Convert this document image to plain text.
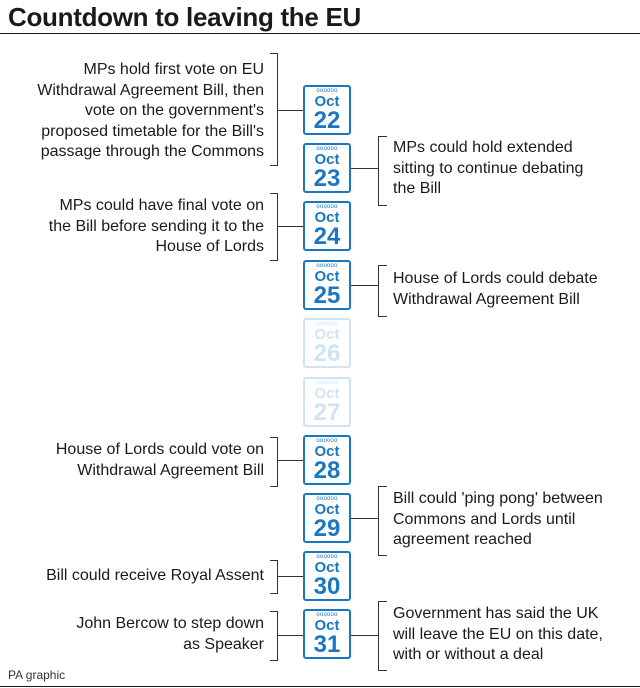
Countdown to leaving the EU
oooooo
Oct
22
oooooo
Oct
23
oooooo
Oct
24
oooooo
Oct
25
oooooo
Oct
26
oooooo
Oct
27
oooooo
Oct
28
oooooo
Oct
29
oooooo
Oct
30
oooooo
Oct
31
MPs hold first vote on EU
Withdrawal Agreement Bill, then
vote on the government's
proposed timetable for the Bill's
passage through the Commons	MPs could hold extended
sitting to continue debating
the Bill
MPs could have final vote on
the Bill before sending it to the
House of Lords
House of Lords could debate
Withdrawal Agreement Bill
House of Lords could vote on
Withdrawal Agreement Bill
Bill could 'ping pong' between
Commons and Lords until
agreement reached
Bill could receive Royal Assent
John Bercow to step down
as Speaker
Government has said the UK
will leave the EU on this date,
with or without a deal

PA graphic
